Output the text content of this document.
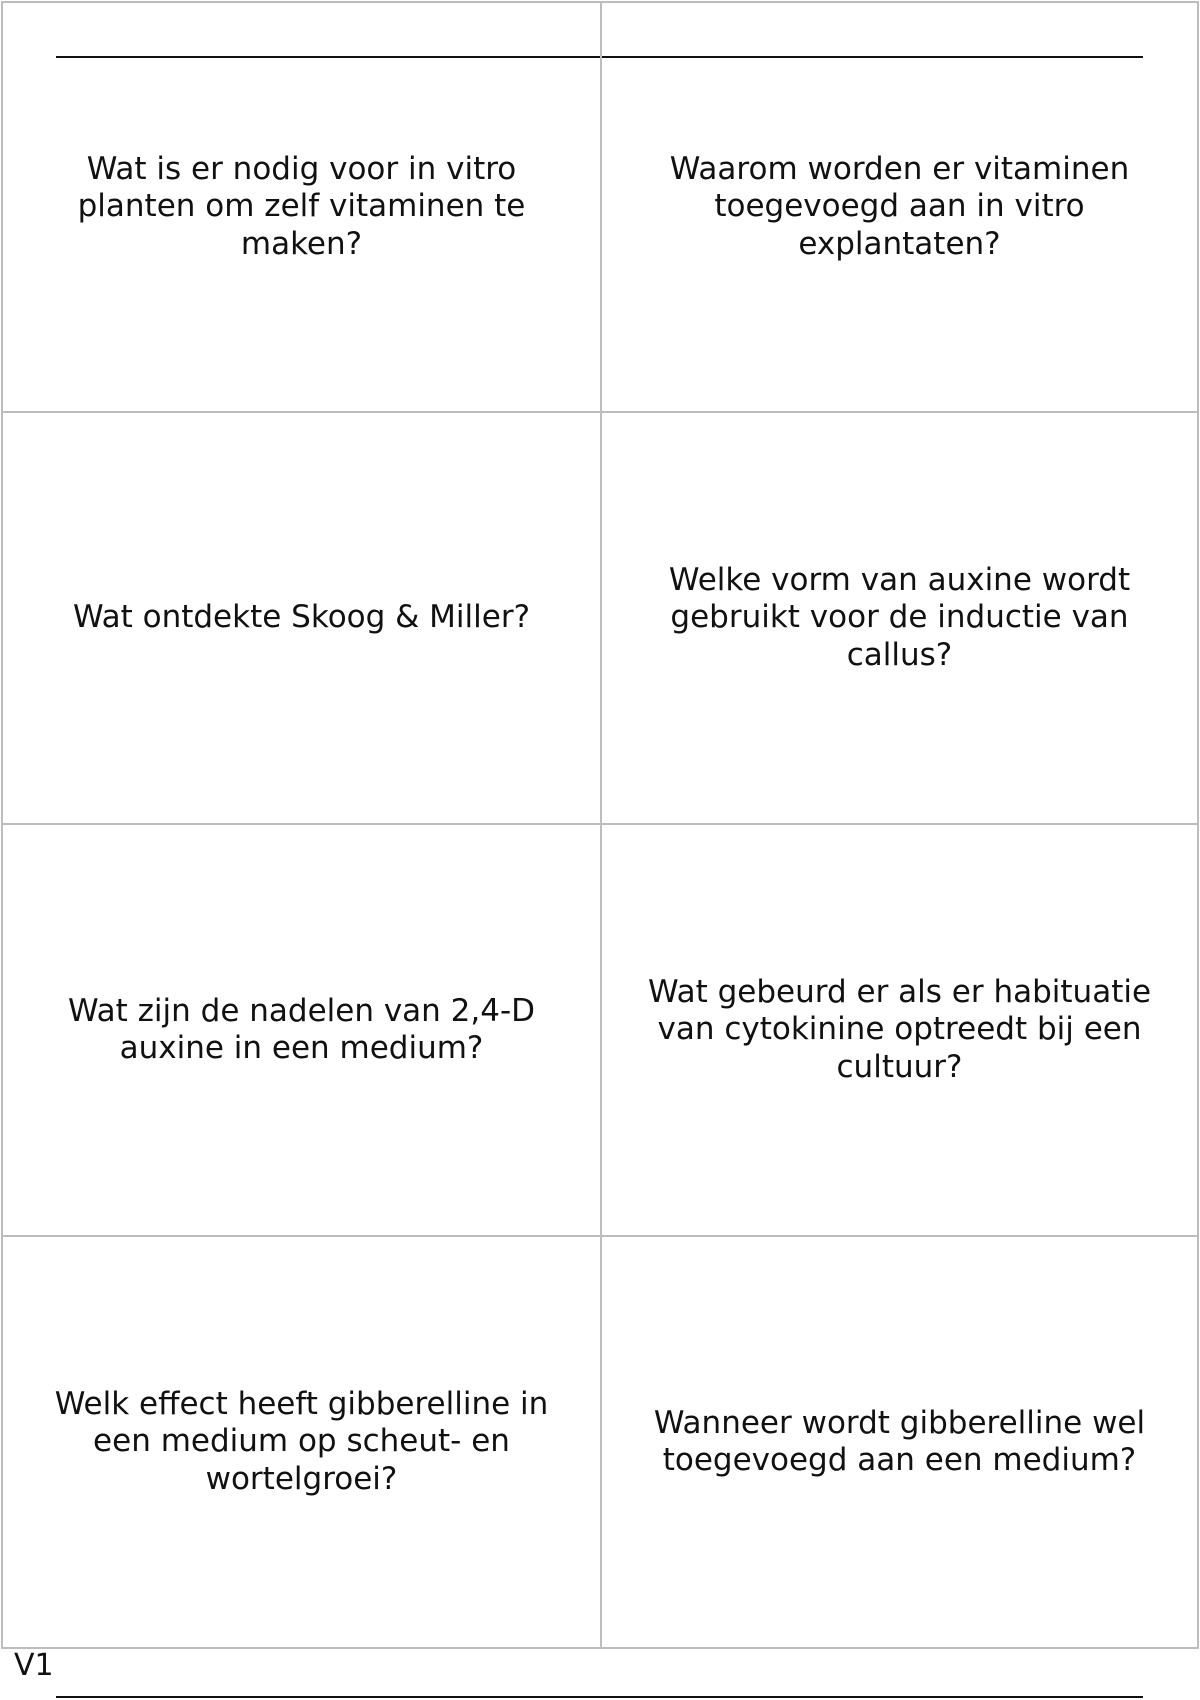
Wat is er nodig voor in vitro planten om zelf vitaminen te maken?

Waarom worden er vitaminen toegevoegd aan in vitro explantaten?

Wat ontdekte Skoog & Miller?

Welke vorm van auxine wordt gebruikt voor de inductie van callus?

Wat zijn de nadelen van 2,4-D auxine in een medium?

Wat gebeurd er als er habituatie van cytokinine optreedt bij een cultuur?

Welk effect heeft gibberelline in een medium op scheut- en wortelgroei?

Wanneer wordt gibberelline wel toegevoegd aan een medium?

V1
